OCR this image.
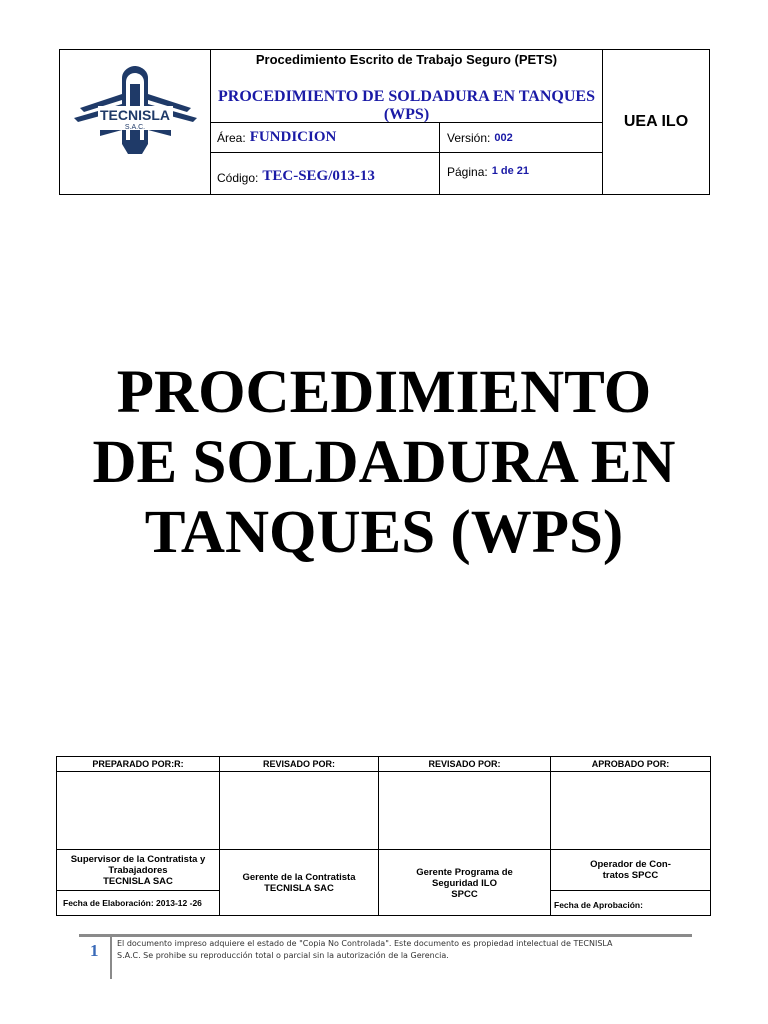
TECNISLA
S.A.C.
Procedimiento Escrito de Trabajo Seguro (PETS)
PROCEDIMIENTO DE SOLDADURA EN TANQUES (WPS)
Área: FUNDICION	Versión: 002
Código: TEC-SEG/013-13	Página: 1 de 21
UEA ILO
PROCEDIMIENTO
DE SOLDADURA EN
TANQUES (WPS)
PREPARADO POR:R:
Supervisor de la Contratista y
Trabajadores
TECNISLA SAC
Fecha de Elaboración: 2013-12 -26
REVISADO POR:
Gerente de la Contratista
TECNISLA SAC
REVISADO POR:
Gerente Programa de
Seguridad ILO
SPCC
APROBADO POR:
Operador de Con-
tratos SPCC
Fecha de Aprobación:
1 El documento impreso adquiere el estado de "Copia No Controlada". Este documento es propiedad intelectual de TECNISLA
S.A.C. Se prohibe su reproducción total o parcial sin la autorización de la Gerencia.
